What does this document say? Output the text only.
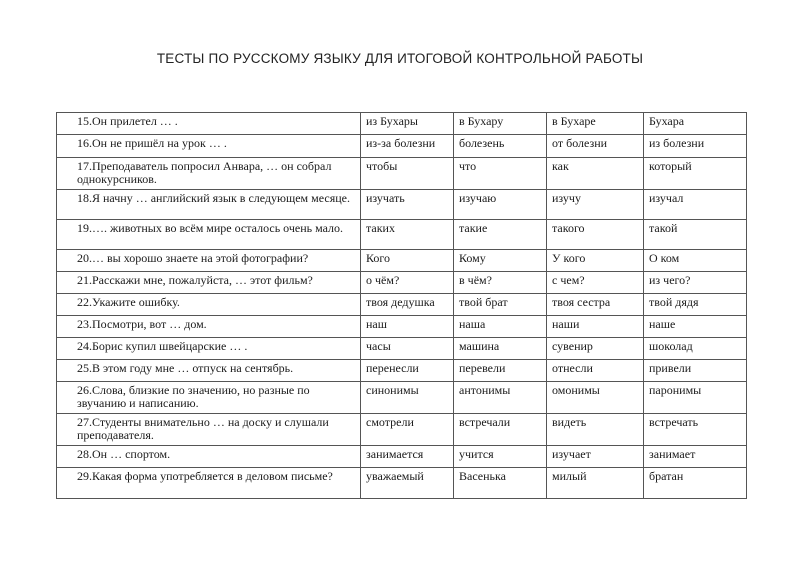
ТЕСТЫ ПО РУССКОМУ ЯЗЫКУ ДЛЯ ИТОГОВОЙ КОНТРОЛЬНОЙ РАБОТЫ
15.Он прилетел … .	из Бухары	в Бухару	в Бухаре	Бухара
16.Он не пришёл на урок … .	из-за болезни	болезень	от болезни	из болезни
17.Преподаватель попросил Анвара, … он собрал однокурсников.	чтобы	что	как	который
18.Я начну … английский язык в следующем месяце.	изучать	изучаю	изучу	изучал
19.…. животных во всём мире осталось очень мало.	таких	такие	такого	такой
20.… вы хорошо знаете на этой фотографии?	Кого	Кому	У кого	О ком
21.Расскажи мне, пожалуйста, … этот фильм?	о чём?	в чём?	с чем?	из чего?
22.Укажите ошибку.	твоя дедушка	твой брат	твоя сестра	твой дядя
23.Посмотри, вот … дом.	наш	наша	наши	наше
24.Борис купил швейцарские … .	часы	машина	сувенир	шоколад
25.В этом году мне … отпуск на сентябрь.	перенесли	перевели	отнесли	привели
26.Слова, близкие по значению, но разные по звучанию и написанию.	синонимы	антонимы	омонимы	паронимы
27.Студенты внимательно … на доску и слушали преподавателя.	смотрели	встречали	видеть	встречать
28.Он … спортом.	занимается	учится	изучает	занимает
29.Какая форма употребляется в деловом письме?	уважаемый	Васенька	милый	братан
